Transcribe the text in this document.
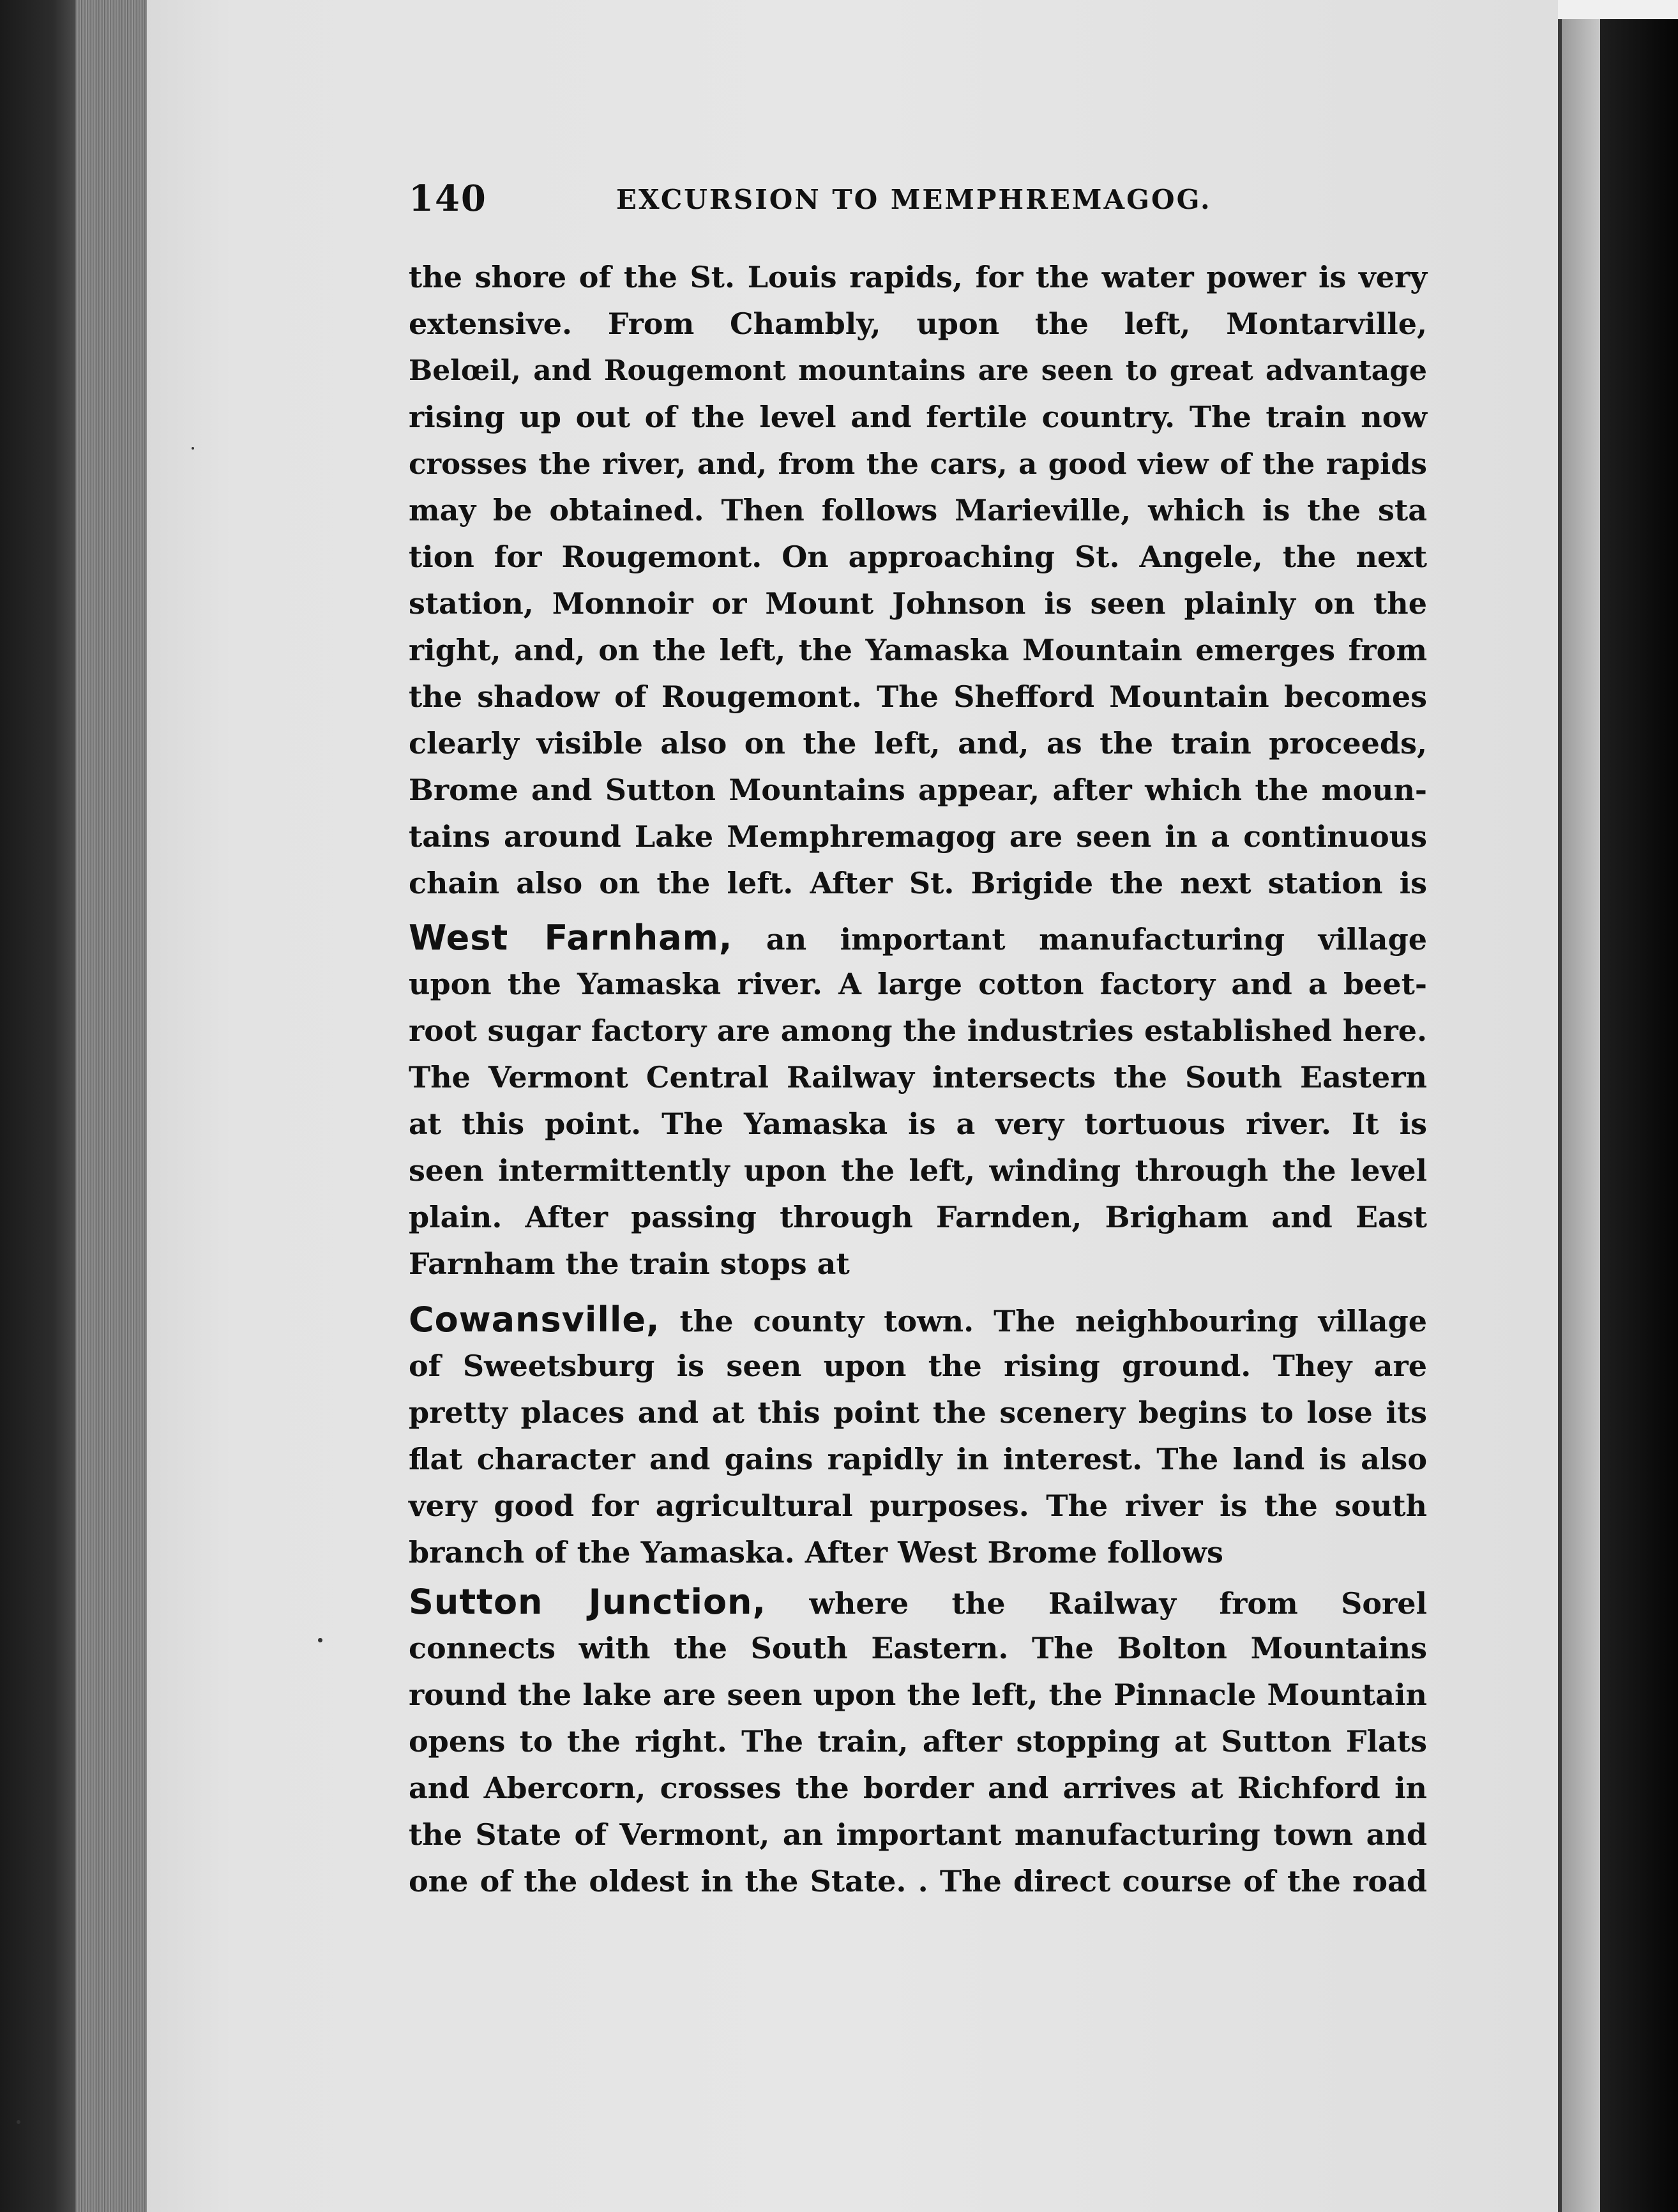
140	EXCURSION TO MEMPHREMAGOG.
the shore of the St. Louis rapids, for the water power is very
extensive. From Chambly, upon the left, Montarville,
Belœil, and Rougemont mountains are seen to great advantage
rising up out of the level and fertile country. The train now
crosses the river, and, from the cars, a good view of the rapids
may be obtained. Then follows Marieville, which is the sta
tion for Rougemont. On approaching St. Angele, the next
station, Monnoir or Mount Johnson is seen plainly on the
right, and, on the left, the Yamaska Mountain emerges from
the shadow of Rougemont. The Shefford Mountain becomes
clearly visible also on the left, and, as the train proceeds,
Brome and Sutton Mountains appear, after which the moun-
tains around Lake Memphremagog are seen in a continuous
chain also on the left. After St. Brigide the next station is
West Farnham, an important manufacturing village
upon the Yamaska river. A large cotton factory and a beet-
root sugar factory are among the industries established here.
The Vermont Central Railway intersects the South Eastern
at this point. The Yamaska is a very tortuous river. It is
seen intermittently upon the left, winding through the level
plain. After passing through Farnden, Brigham and East
Farnham the train stops at
Cowansville, the county town. The neighbouring village
of Sweetsburg is seen upon the rising ground. They are
pretty places and at this point the scenery begins to lose its
flat character and gains rapidly in interest. The land is also
very good for agricultural purposes. The river is the south
branch of the Yamaska. After West Brome follows
Sutton Junction, where the Railway from Sorel
connects with the South Eastern. The Bolton Mountains
round the lake are seen upon the left, the Pinnacle Mountain
opens to the right. The train, after stopping at Sutton Flats
and Abercorn, crosses the border and arrives at Richford in
the State of Vermont, an important manufacturing town and
one of the oldest in the State. . The direct course of the road
